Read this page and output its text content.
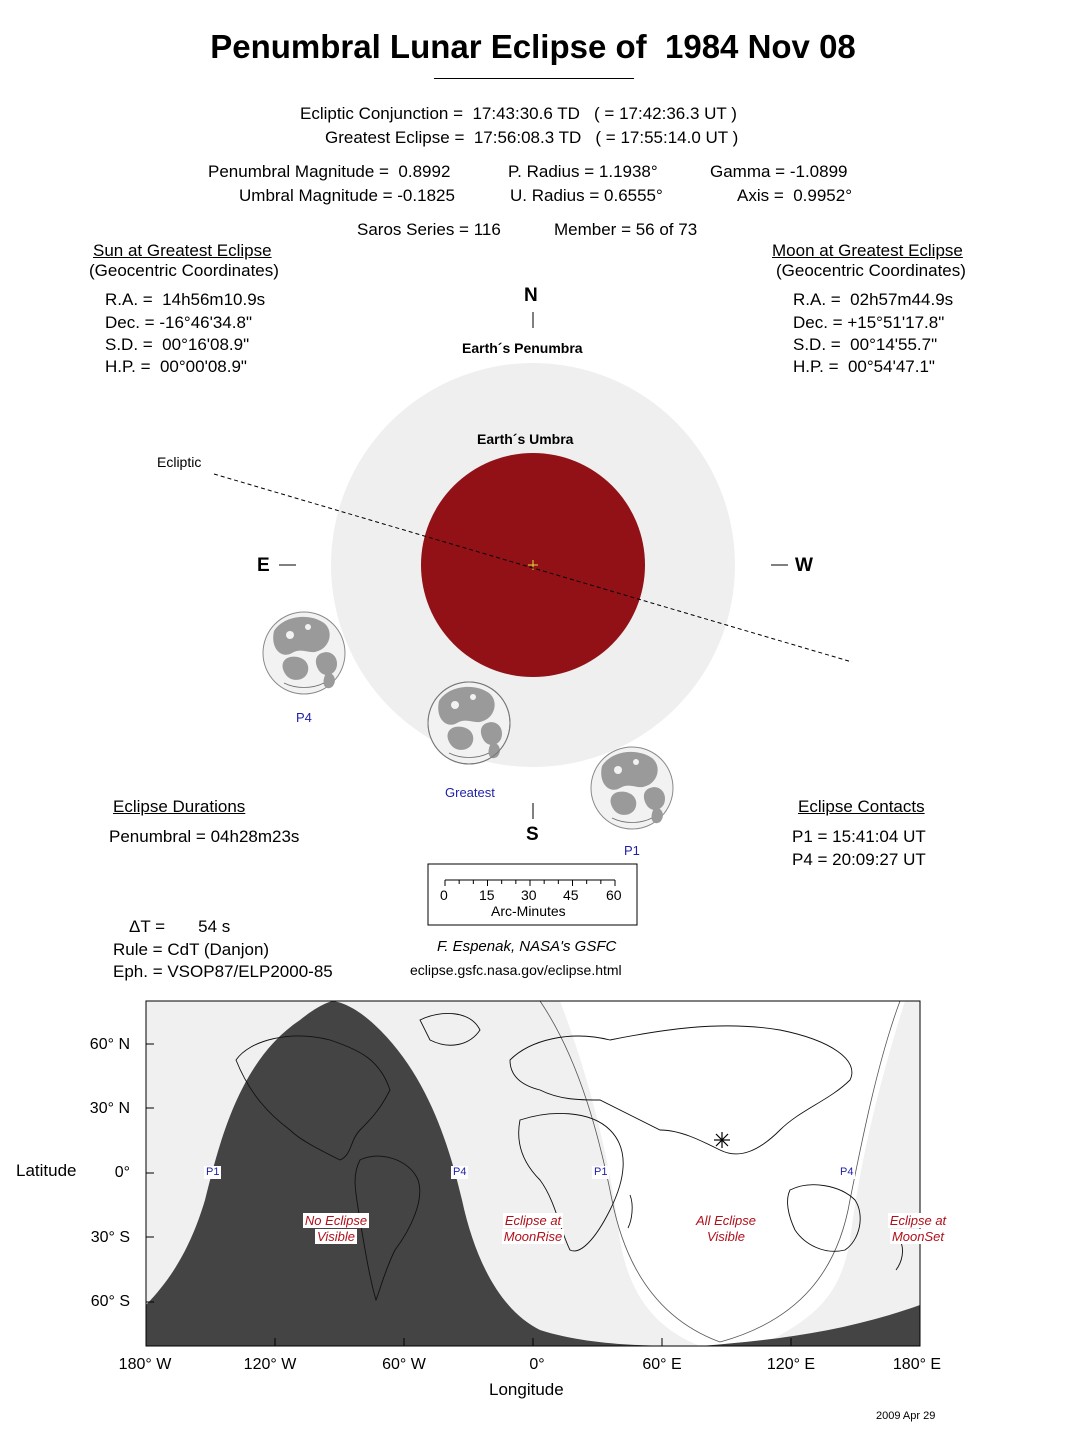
Penumbral Lunar Eclipse of  1984 Nov 08
Ecliptic Conjunction =  17:43:30.6 TD   ( = 17:42:36.3 UT )
Greatest Eclipse =  17:56:08.3 TD   ( = 17:55:14.0 UT )
Penumbral Magnitude =  0.8992
Umbral Magnitude = -0.1825
P. Radius = 1.1938°
U. Radius = 0.6555°
Gamma = -1.0899
Axis =  0.9952°
Saros Series = 116	Member = 56 of 73
Sun at Greatest Eclipse
(Geocentric Coordinates)
R.A. =  14h56m10.9s
Dec. = -16°46'34.8"
S.D. =  00°16'08.9"
H.P. =  00°00'08.9"
Moon at Greatest Eclipse
(Geocentric Coordinates)
R.A. =  02h57m44.9s
Dec. = +15°51'17.8"
S.D. =  00°14'55.7"
H.P. =  00°54'47.1"
N
S
E	W
Earth´s Penumbra
Earth´s Umbra
Ecliptic
P4
Greatest
P1
0 15 30 45 60
Arc-Minutes
Eclipse Durations
Penumbral = 04h28m23s
Eclipse Contacts
P1 = 15:41:04 UT
P4 = 20:09:27 UT
ΔT =       54 s
Rule = CdT (Danjon)
Eph. = VSOP87/ELP2000-85
F. Espenak, NASA's GSFC
eclipse.gsfc.nasa.gov/eclipse.html
No Eclipse
Visible
Eclipse at
MoonRise
All Eclipse
Visible
Eclipse at
MoonSet
P1	P4	P1	P4
60° N
30° N
0°
30° S
60° S
Latitude
180° W	120° W	60° W	0°	60° E	120° E	180° E
Longitude
2009 Apr 29
